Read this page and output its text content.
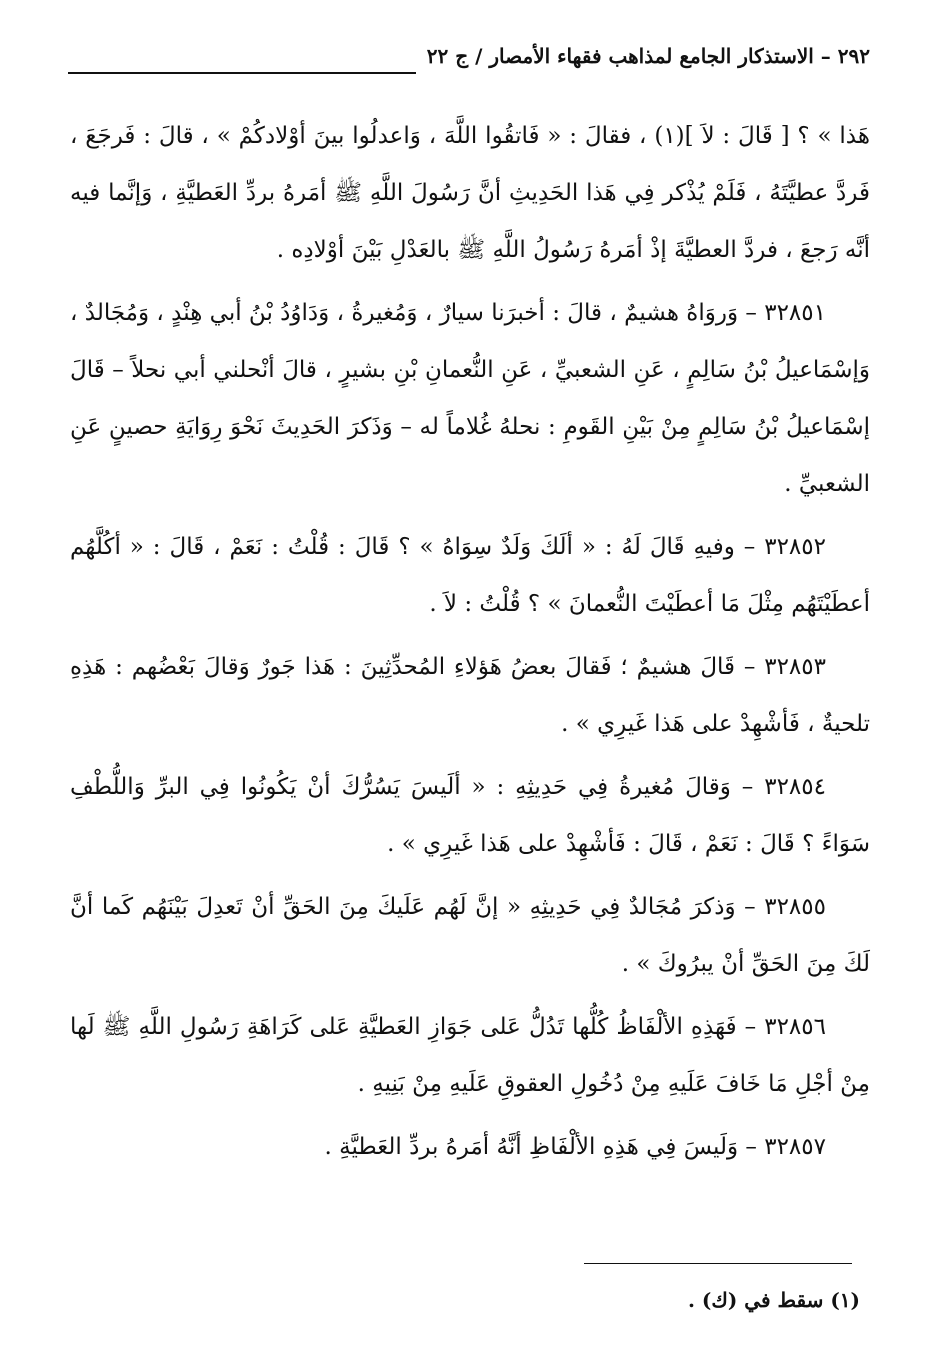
٢٩٢ – الاستذكار الجامع لمذاهب فقهاء الأمصار / ج ٢٢

هَذا » ؟ [ قَالَ : لاَ ](١) ، فقالَ : « فَاتقُوا اللَّهَ ، وَاعدلُوا بينَ أوْلادكُمْ » ، قالَ : فَرجَعَ ، فَردَّ عطيَّتَهُ ، فَلَمْ يُذْكر فِي هَذا الحَدِيثِ أنَّ رَسُولَ اللَّهِ ﷺ أمَرهُ بردِّ العَطيَّةِ ، وَإنَّما فيه أنَّه رَجعَ ، فردَّ العطيَّةَ إذْ أمَرهُ رَسُولُ اللَّهِ ﷺ بالعَدْلِ بَيْنَ أوْلادِه .

٣٢٨٥١ – وَروَاهُ هشيمٌ ، قالَ : أخبرَنا سيارٌ ، وَمُغيرةُ ، وَدَاوُدُ بْنُ أبي هِنْدٍ ، وَمُجَالدٌ ، وَإسْمَاعيلُ بْنُ سَالِمٍ ، عَنِ الشعبيِّ ، عَنِ النُّعمانِ بْنِ بشيرٍ ، قالَ أنْحلني أبي نحلاً – قَالَ إسْمَاعيلُ بْنُ سَالِمٍ مِنْ بَيْنِ القَومِ : نحلهُ غُلاماً له – وَذَكرَ الحَدِيثَ نَحْوَ رِوَايَةِ حصينٍ عَنِ الشعبيِّ .

٣٢٨٥٢ – وفيهِ قَالَ لَهُ : « ألَكَ وَلَدٌ سِوَاهُ » ؟ قَالَ : قُلْتُ : نَعَمْ ، قَالَ : « أكُلَّهُم أعطَيْتَهُم مِثْلَ مَا أعطَيْتَ النُّعمانَ » ؟ قُلْتُ : لاَ .

٣٢٨٥٣ – قَالَ هشيمٌ ؛ فَقالَ بعضُ هَؤلاءِ المُحدِّثِينَ : هَذا جَورٌ وَقالَ بَعْضُهم : هَذِهِ تلحيةٌ ، فَأشْهِدْ على هَذا غَيرِي » .

٣٢٨٥٤ – وَقالَ مُغيرةُ فِي حَدِيثِهِ : « ألَيسَ يَسُرُّكَ أنْ يَكُونُوا فِي البرِّ وَاللُّطْفِ سَوَاءً ؟ قَالَ : نَعَمْ ، قَالَ : فَأشْهِدْ على هَذا غَيرِي » .

٣٢٨٥٥ – وَذكرَ مُجَالدٌ فِي حَدِيثِهِ « إنَّ لَهُم عَلَيكَ مِنَ الحَقِّ أنْ تَعدِلَ بَيْنَهُم كَما أنَّ لَكَ مِنَ الحَقِّ أنْ يبرُوكَ » .

٣٢٨٥٦ – فَهَذِهِ الألْفَاظُ كُلُّها تَدُلُّ عَلى جَوَازِ العَطيَّةِ عَلى كَرَاهَةِ رَسُولِ اللَّهِ ﷺ لَها مِنْ أجْلِ مَا خَافَ عَلَيهِ مِنْ دُخُولِ العقوقِ عَلَيهِ مِنْ بَنِيهِ .

٣٢٨٥٧ – وَلَيسَ فِي هَذِهِ الألْفَاظِ أنَّهُ أمَرهُ بردِّ العَطيَّةِ .

(١) سقط في (ك) .
